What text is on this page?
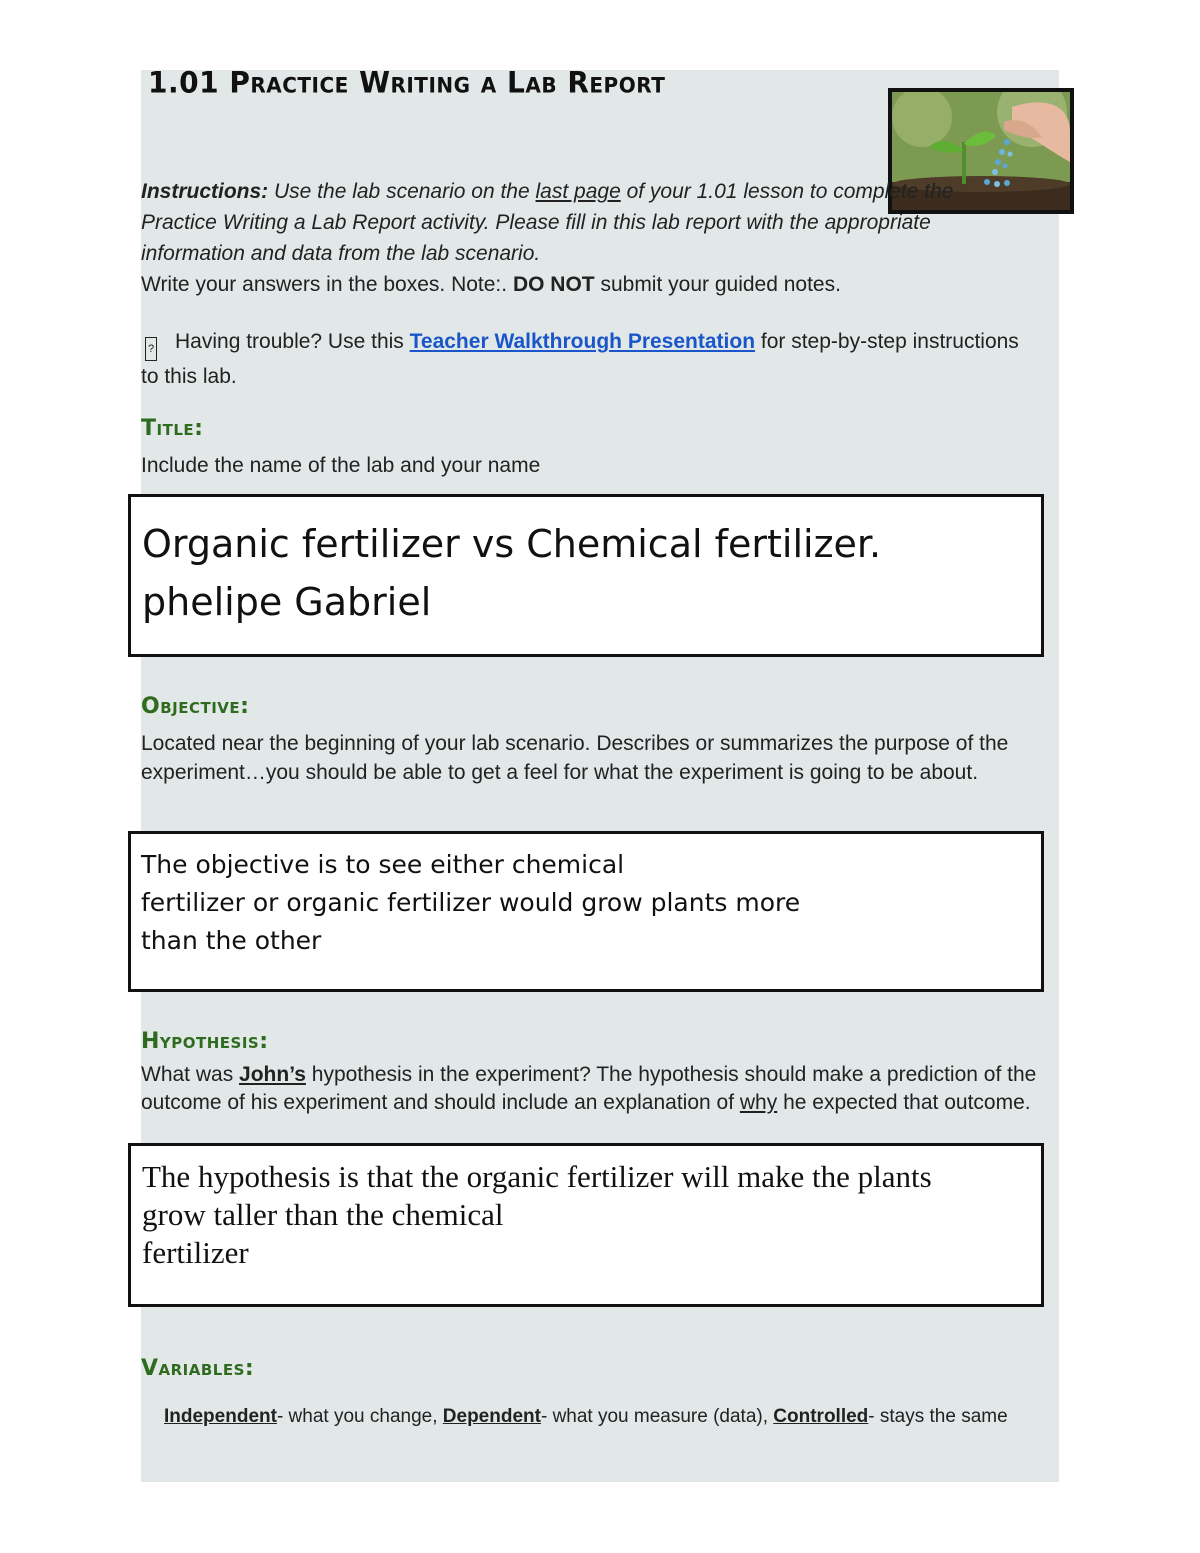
1.01 Practice Writing a Lab Report
Instructions: Use the lab scenario on the last page of your 1.01 lesson to complete the Practice Writing a Lab Report activity. Please fill in this lab report with the appropriate information and data from the lab scenario.
Write your answers in the boxes. Note:. DO NOT submit your guided notes.
? Having trouble? Use this Teacher Walkthrough Presentation for step-by-step instructions to this lab.
Title:
Include the name of the lab and your name
Organic fertilizer vs Chemical fertilizer.
phelipe Gabriel
Objective:
Located near the beginning of your lab scenario. Describes or summarizes the purpose of the experiment…you should be able to get a feel for what the experiment is going to be about.
The objective is to see either chemical
fertilizer or organic fertilizer would grow plants more
than the other
Hypothesis:
What was John’s hypothesis in the experiment? The hypothesis should make a prediction of the outcome of his experiment and should include an explanation of why he expected that outcome.
The hypothesis is that the organic fertilizer will make the plants
grow taller than the chemical
fertilizer
Variables:
Independent- what you change, Dependent- what you measure (data), Controlled- stays the same
